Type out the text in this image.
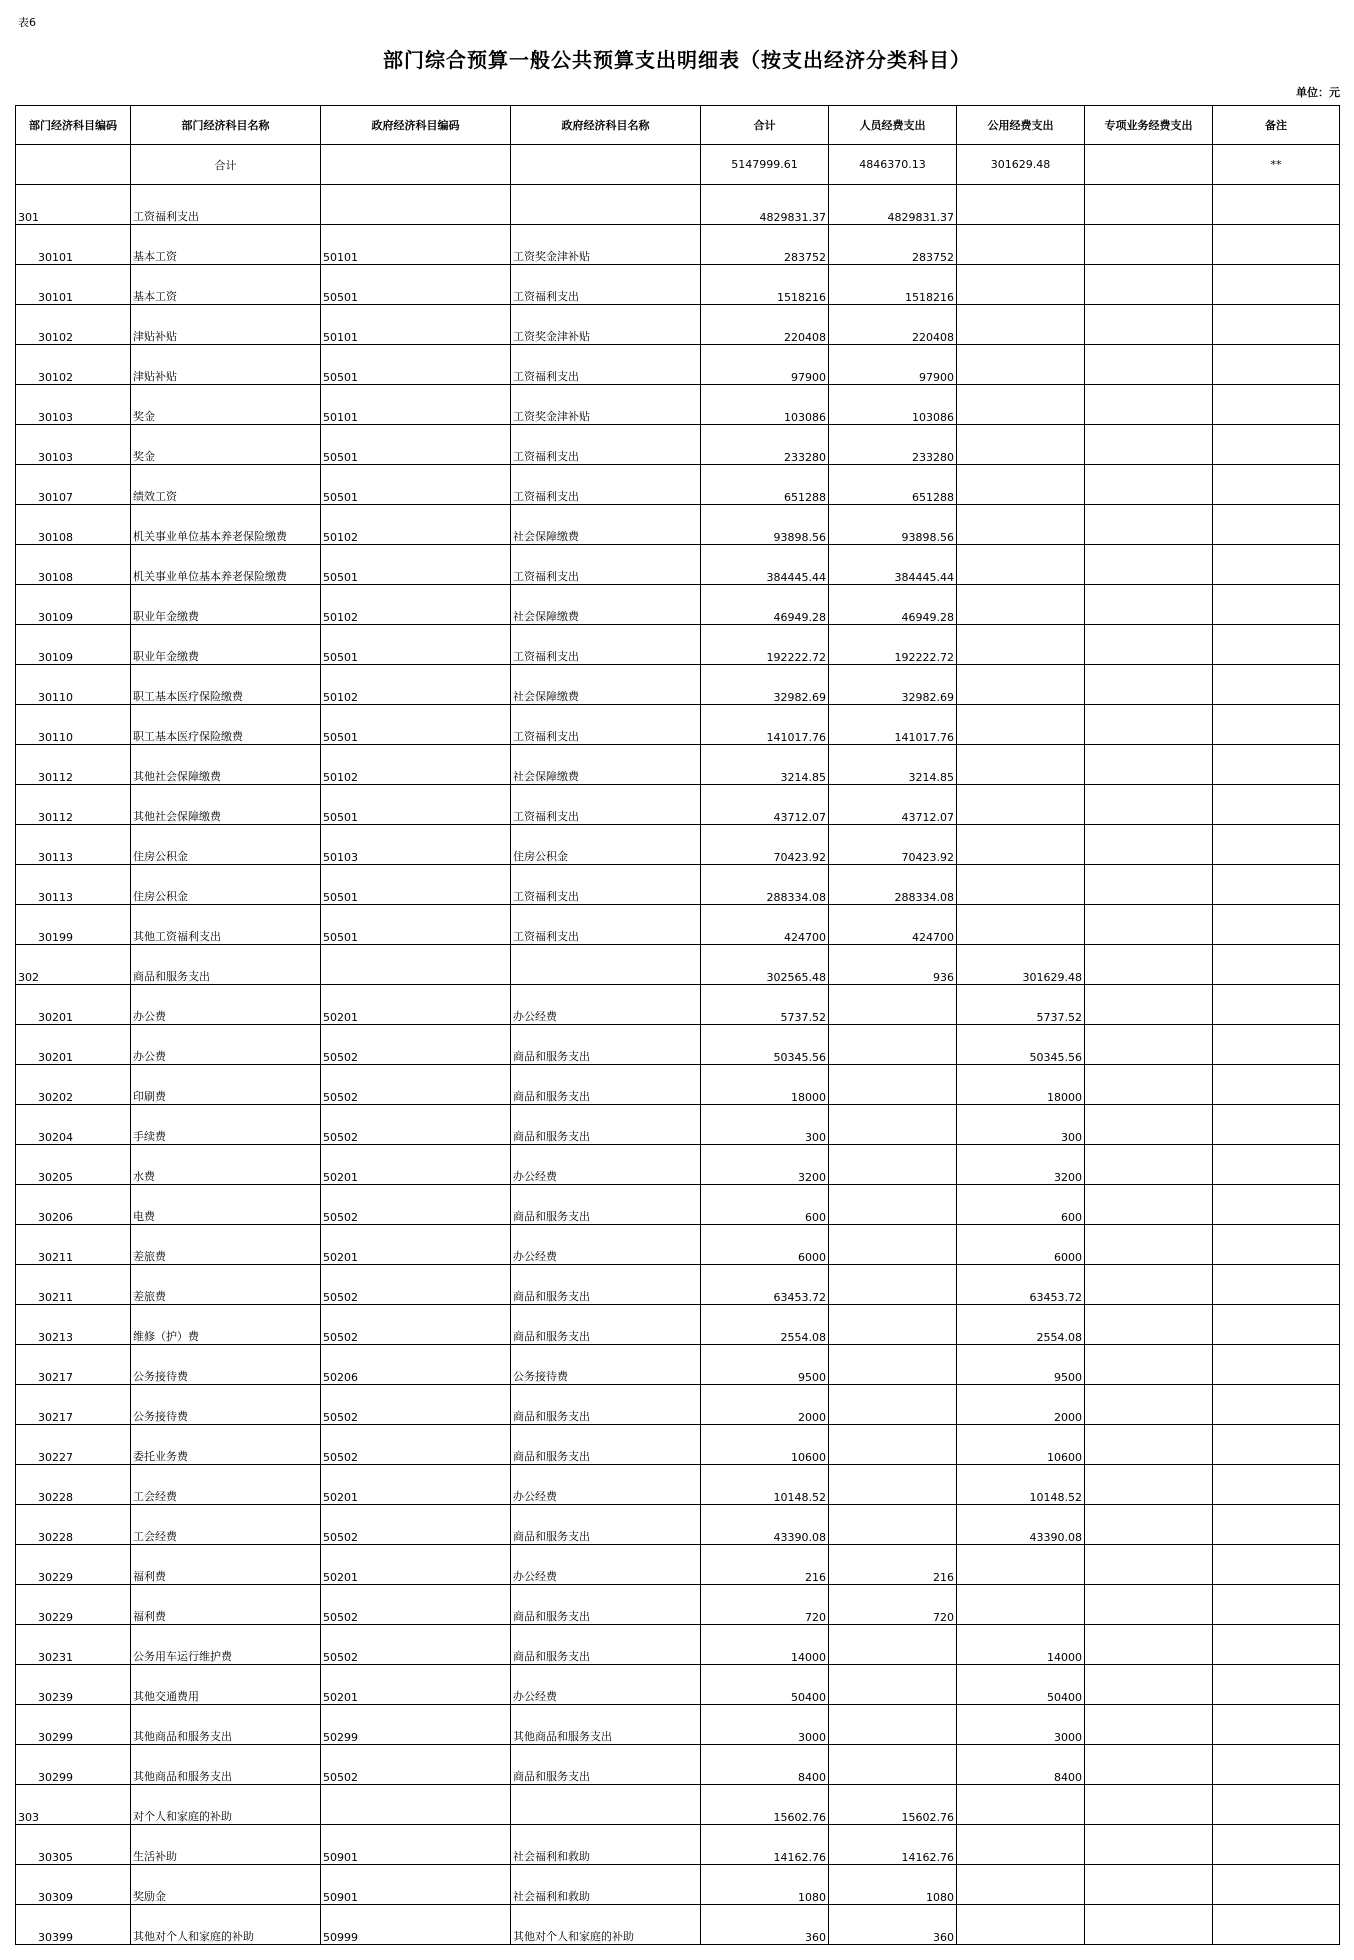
表6
部门综合预算一般公共预算支出明细表（按支出经济分类科目）
单位：元
部门经济科目编码	部门经济科目名称	政府经济科目编码	政府经济科目名称	合计	人员经费支出	公用经费支出	专项业务经费支出	备注
	合计			5147999.61	4846370.13	301629.48		**
301	工资福利支出			4829831.37	4829831.37			
30101	基本工资	50101	工资奖金津补贴	283752	283752			
30101	基本工资	50501	工资福利支出	1518216	1518216			
30102	津贴补贴	50101	工资奖金津补贴	220408	220408			
30102	津贴补贴	50501	工资福利支出	97900	97900			
30103	奖金	50101	工资奖金津补贴	103086	103086			
30103	奖金	50501	工资福利支出	233280	233280			
30107	绩效工资	50501	工资福利支出	651288	651288			
30108	机关事业单位基本养老保险缴费	50102	社会保障缴费	93898.56	93898.56			
30108	机关事业单位基本养老保险缴费	50501	工资福利支出	384445.44	384445.44			
30109	职业年金缴费	50102	社会保障缴费	46949.28	46949.28			
30109	职业年金缴费	50501	工资福利支出	192222.72	192222.72			
30110	职工基本医疗保险缴费	50102	社会保障缴费	32982.69	32982.69			
30110	职工基本医疗保险缴费	50501	工资福利支出	141017.76	141017.76			
30112	其他社会保障缴费	50102	社会保障缴费	3214.85	3214.85			
30112	其他社会保障缴费	50501	工资福利支出	43712.07	43712.07			
30113	住房公积金	50103	住房公积金	70423.92	70423.92			
30113	住房公积金	50501	工资福利支出	288334.08	288334.08			
30199	其他工资福利支出	50501	工资福利支出	424700	424700			
302	商品和服务支出			302565.48	936	301629.48		
30201	办公费	50201	办公经费	5737.52		5737.52		
30201	办公费	50502	商品和服务支出	50345.56		50345.56		
30202	印刷费	50502	商品和服务支出	18000		18000		
30204	手续费	50502	商品和服务支出	300		300		
30205	水费	50201	办公经费	3200		3200		
30206	电费	50502	商品和服务支出	600		600		
30211	差旅费	50201	办公经费	6000		6000		
30211	差旅费	50502	商品和服务支出	63453.72		63453.72		
30213	维修（护）费	50502	商品和服务支出	2554.08		2554.08		
30217	公务接待费	50206	公务接待费	9500		9500		
30217	公务接待费	50502	商品和服务支出	2000		2000		
30227	委托业务费	50502	商品和服务支出	10600		10600		
30228	工会经费	50201	办公经费	10148.52		10148.52		
30228	工会经费	50502	商品和服务支出	43390.08		43390.08		
30229	福利费	50201	办公经费	216	216			
30229	福利费	50502	商品和服务支出	720	720			
30231	公务用车运行维护费	50502	商品和服务支出	14000		14000		
30239	其他交通费用	50201	办公经费	50400		50400		
30299	其他商品和服务支出	50299	其他商品和服务支出	3000		3000		
30299	其他商品和服务支出	50502	商品和服务支出	8400		8400		
303	对个人和家庭的补助			15602.76	15602.76			
30305	生活补助	50901	社会福利和救助	14162.76	14162.76			
30309	奖励金	50901	社会福利和救助	1080	1080			
30399	其他对个人和家庭的补助	50999	其他对个人和家庭的补助	360	360			
